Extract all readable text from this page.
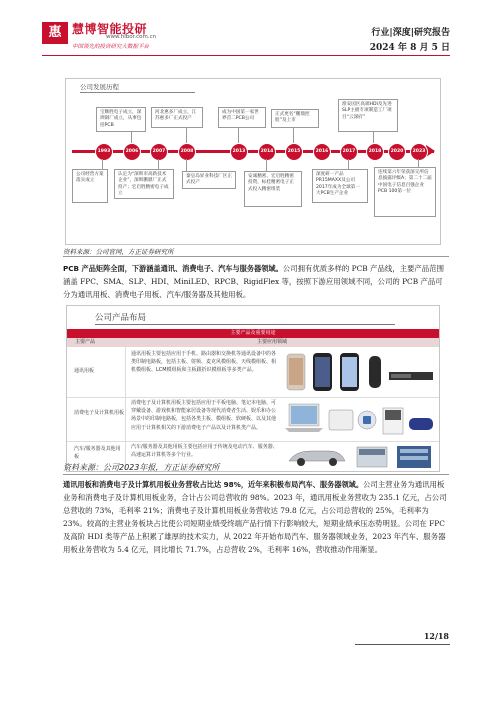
惠 慧博智能投研
www.hibor.com.cn
中国领先的投资研究大数据平台
行业|深度|研究报告
2024 年 8 月 5 日
公司发展历程
1993	2006	2007	2008	2013	2014	2015	2016	2017	2018	2020	2023
宝顺胜电子成立，深圳铜厂成立，从事包括PCB
河北惠多厂成立，江苏惠多厂正式投产
成为中国第一家世界首二PCB公司
正式更名“鹏鼎控股”及上市
淮安园区高端HDI及先进SLP主板专项制造工厂项目“云深府”
公司经营方案落实成立
认定为“深圳市高新技术企业”，深圳鹏鼎厂正式投产；宏启胜精密电子成立
秦皇岛昇业科技厂区正式投产
安诚精密、宏启胜精密投资，标桂精密电子正式投入精密组装
深度研一产品PR15MAXX及公司2017年成为全球第一大PCB生产企业
连续第六年荣获深交所信息披露评级A；第二十二届中国电子信息百强企业PCB 100第一位
资料来源：公司官网，方正证券研究所
PCB 产品矩阵全面，下游涵盖通讯、消费电子、汽车与服务器领域。公司拥有优质多样的 PCB 产品线，主要产品范围涵盖 FPC、SMA、SLP、HDI、MiniLED、RPCB、RigidFlex 等，按照下游应用领域不同，公司的 PCB 产品可分为通讯用板、消费电子用板、汽车/服务器及其他用板。
公司产品布局
主要产品及重要用途
主要产品	主要应用领域
通讯用板
通讯用板主要包括应用于手机、路由器和交换机等通讯设备中的各类印制电路板，包括主板、射频、麦克风模组板、天线模组板、相机模组板、LCM模组板和主板跟折识模组板等多类产品。
消费电子及计算机用板
消费电子及计算机用板主要包括应用于平板电脑、笔记本电脑、可穿戴设备、游戏机和智能家居设备等现代消费者生活、娱乐和办公场景中的印制电路板，包括各类主板、模组板、软硬板、以及其他应用于计算机相关的下游消费电子产品以及计算机类产品。
汽车/服务器及其他用板
汽车/服务器及其他用板主要包括应用于传统及电动汽车、服务器、高速运算计算机等多个行业。
资料来源：公司2023年报，方正证券研究所
通讯用板和消费电子及计算机用板业务营收占比达 98%，近年来积极布局汽车、服务器领域。公司主营业务为通讯用板业务和消费电子及计算机用板业务，合计占公司总营收的 98%。2023 年，通讯用板业务营收为 235.1 亿元，占公司总营收的 73%，毛利率 21%；消费电子及计算机用板业务营收达 79.8 亿元，占公司总营收的 25%，毛利率为 23%。较高的主营业务板块占比使公司短期业绩受终端产品行情下行影响较大，短期业绩承压态势明显。公司在 FPC 及高阶 HDI 类等产品上积累了雄厚的技术实力，从 2022 年开始布局汽车、服务器领域业务，2023 年汽车、服务器用板业务营收为 5.4 亿元，同比增长 71.7%，占总营收 2%，毛利率 16%，营收推动作用渐显。
12/18
